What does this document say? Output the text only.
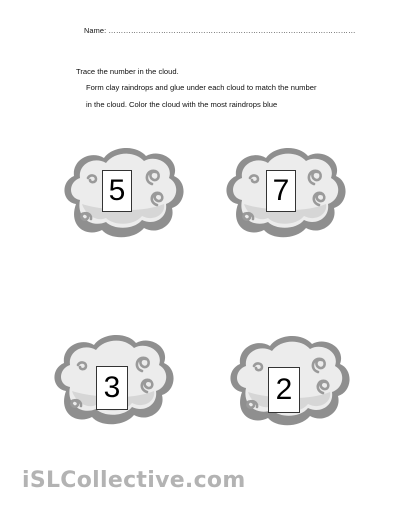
Name: ………………………………………………………………………………………
Trace the number in the cloud.
Form clay raindrops and glue under each cloud to match the number
in the cloud. Color the cloud with the most raindrops blue
5	7
3	2
iSLCollective.com
